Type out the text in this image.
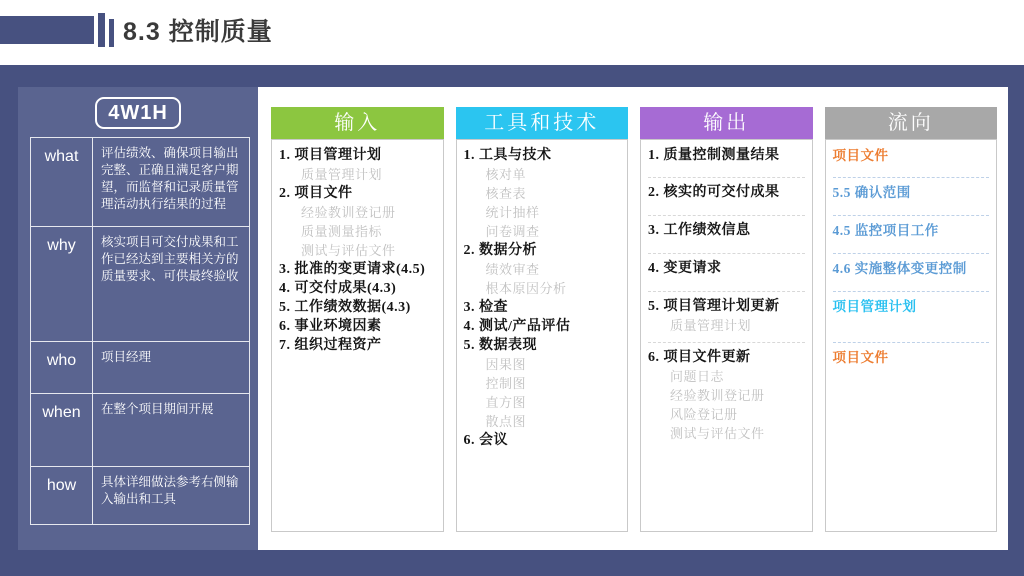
8.3 控制质量
4W1H
what	评估绩效、确保项目输出完整、正确且满足客户期望，而监督和记录质量管理活动执行结果的过程
why	核实项目可交付成果和工作已经达到主要相关方的质量要求、可供最终验收
who	项目经理
when	在整个项目期间开展
how	具体详细做法参考右侧输入输出和工具
输入
1. 项目管理计划
质量管理计划
2. 项目文件
经验教训登记册
质量测量指标
测试与评估文件
3. 批准的变更请求(4.5)
4. 可交付成果(4.3)
5. 工作绩效数据(4.3)
6. 事业环境因素
7. 组织过程资产
工具和技术
1. 工具与技术
核对单
核查表
统计抽样
问卷调查
2. 数据分析
绩效审查
根本原因分析
3. 检查
4. 测试/产品评估
5. 数据表现
因果图
控制图
直方图
散点图
6. 会议
输出
1. 质量控制测量结果
2. 核实的可交付成果
3. 工作绩效信息
4. 变更请求
5. 项目管理计划更新
质量管理计划
6. 项目文件更新
问题日志
经验教训登记册
风险登记册
测试与评估文件
流向
项目文件
5.5 确认范围
4.5 监控项目工作
4.6 实施整体变更控制
项目管理计划
项目文件
